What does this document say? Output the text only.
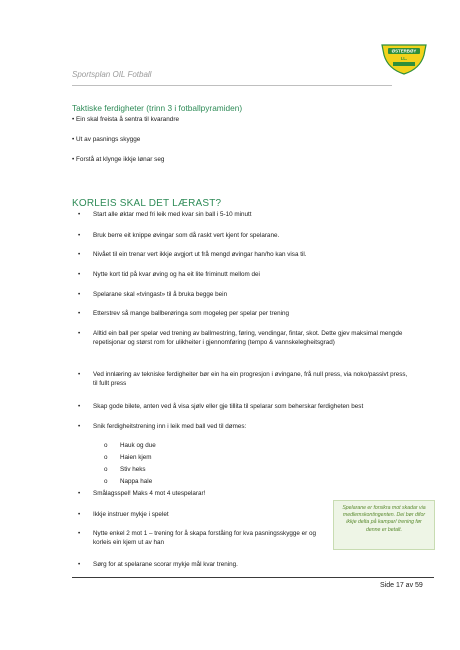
Sportsplan OIL Fotball
ØSTERBØY
I.L.
Taktiske ferdigheter (trinn 3 i fotballpyramiden)
• Ein skal freista å sentra til kvarandre
• Ut av pasnings skygge
• Forstå at klynge ikkje lønar seg
KORLEIS SKAL DET LÆRAST?
• Start alle øktar med fri leik med kvar sin ball i 5-10 minutt
• Bruk berre eit knippe øvingar som då raskt vert kjent for spelarane.
• Nivået til ein trenar vert ikkje avgjort ut frå mengd øvingar han/ho kan visa til.
• Nytte kort tid på kvar øving og ha eit lite friminutt mellom dei
• Spelarane skal «tvingast» til å bruka begge bein
• Etterstrev så mange ballberøringa som mogeleg per spelar per trening
• Alltid ein ball per spelar ved trening av ballmestring, føring, vendingar, fintar, skot. Dette gjev maksimal mengde repetisjonar og størst rom for ulikheiter i gjennomføring (tempo & vannskelegheitsgrad)
• Ved innlæring av tekniske ferdigheiter bør ein ha ein progresjon i øvingane, frå null press, via noko/passivt press, til fullt press
• Skap gode bilete, anten ved å visa sjølv eller gje tillita til spelarar som beherskar ferdigheten best
• Snik ferdigheitstrening inn i leik med ball ved til dømes:
o Hauk og due
o Haien kjem
o Stiv heks
o Nappa hale
• Smålagsspel! Maks 4 mot 4 utespelarar!
• Ikkje instruer mykje i spelet
• Nytte enkel 2 mot 1 – trening for å skapa forståing for kva pasningsskygge er og korleis ein kjem ut av han
• Sørg for at spelarane scorar mykje mål kvar trening.
Spelarane er forsikra mot skadar via medlemskontingenten. Dei bør difor ikkje delta på kampar/ trening før denne er betalt.
Side 17 av 59
